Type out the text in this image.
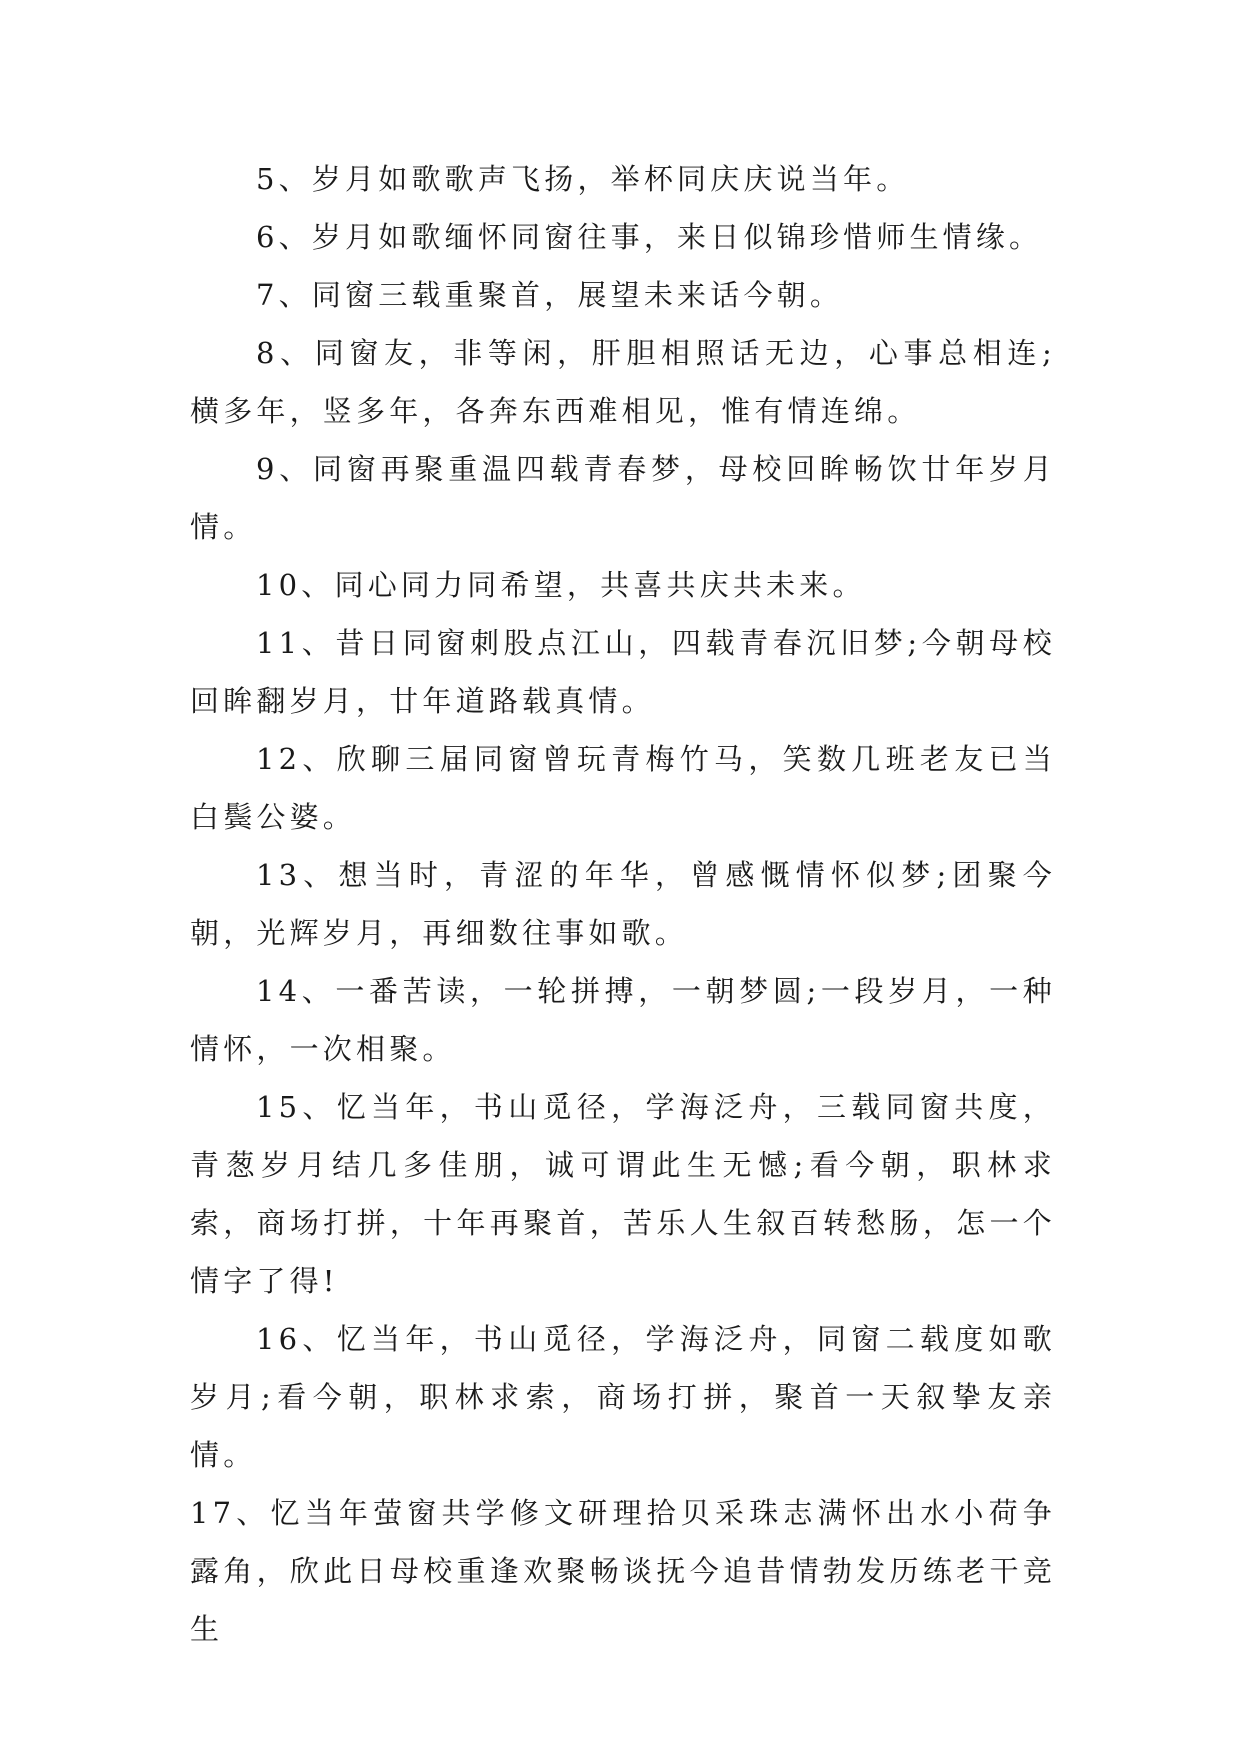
5、岁月如歌歌声飞扬，举杯同庆庆说当年。

6、岁月如歌缅怀同窗往事，来日似锦珍惜师生情缘。

7、同窗三载重聚首，展望未来话今朝。

8、同窗友，非等闲，肝胆相照话无边，心事总相连;横多年，竖多年，各奔东西难相见，惟有情连绵。

9、同窗再聚重温四载青春梦，母校回眸畅饮廿年岁月情。

10、同心同力同希望，共喜共庆共未来。

11、昔日同窗刺股点江山，四载青春沉旧梦;今朝母校回眸翻岁月，廿年道路载真情。

12、欣聊三届同窗曾玩青梅竹马，笑数几班老友已当白鬓公婆。

13、想当时，青涩的年华，曾感慨情怀似梦;团聚今朝，光辉岁月，再细数往事如歌。

14、一番苦读，一轮拼搏，一朝梦圆;一段岁月，一种情怀，一次相聚。

15、忆当年，书山觅径，学海泛舟，三载同窗共度，青葱岁月结几多佳朋，诚可谓此生无憾;看今朝，职林求索，商场打拼，十年再聚首，苦乐人生叙百转愁肠，怎一个情字了得!

16、忆当年，书山觅径，学海泛舟，同窗二载度如歌岁月;看今朝，职林求索，商场打拼，聚首一天叙挚友亲情。

17、忆当年萤窗共学修文研理拾贝采珠志满怀出水小荷争露角，欣此日母校重逢欢聚畅谈抚今追昔情勃发历练老干竞生
